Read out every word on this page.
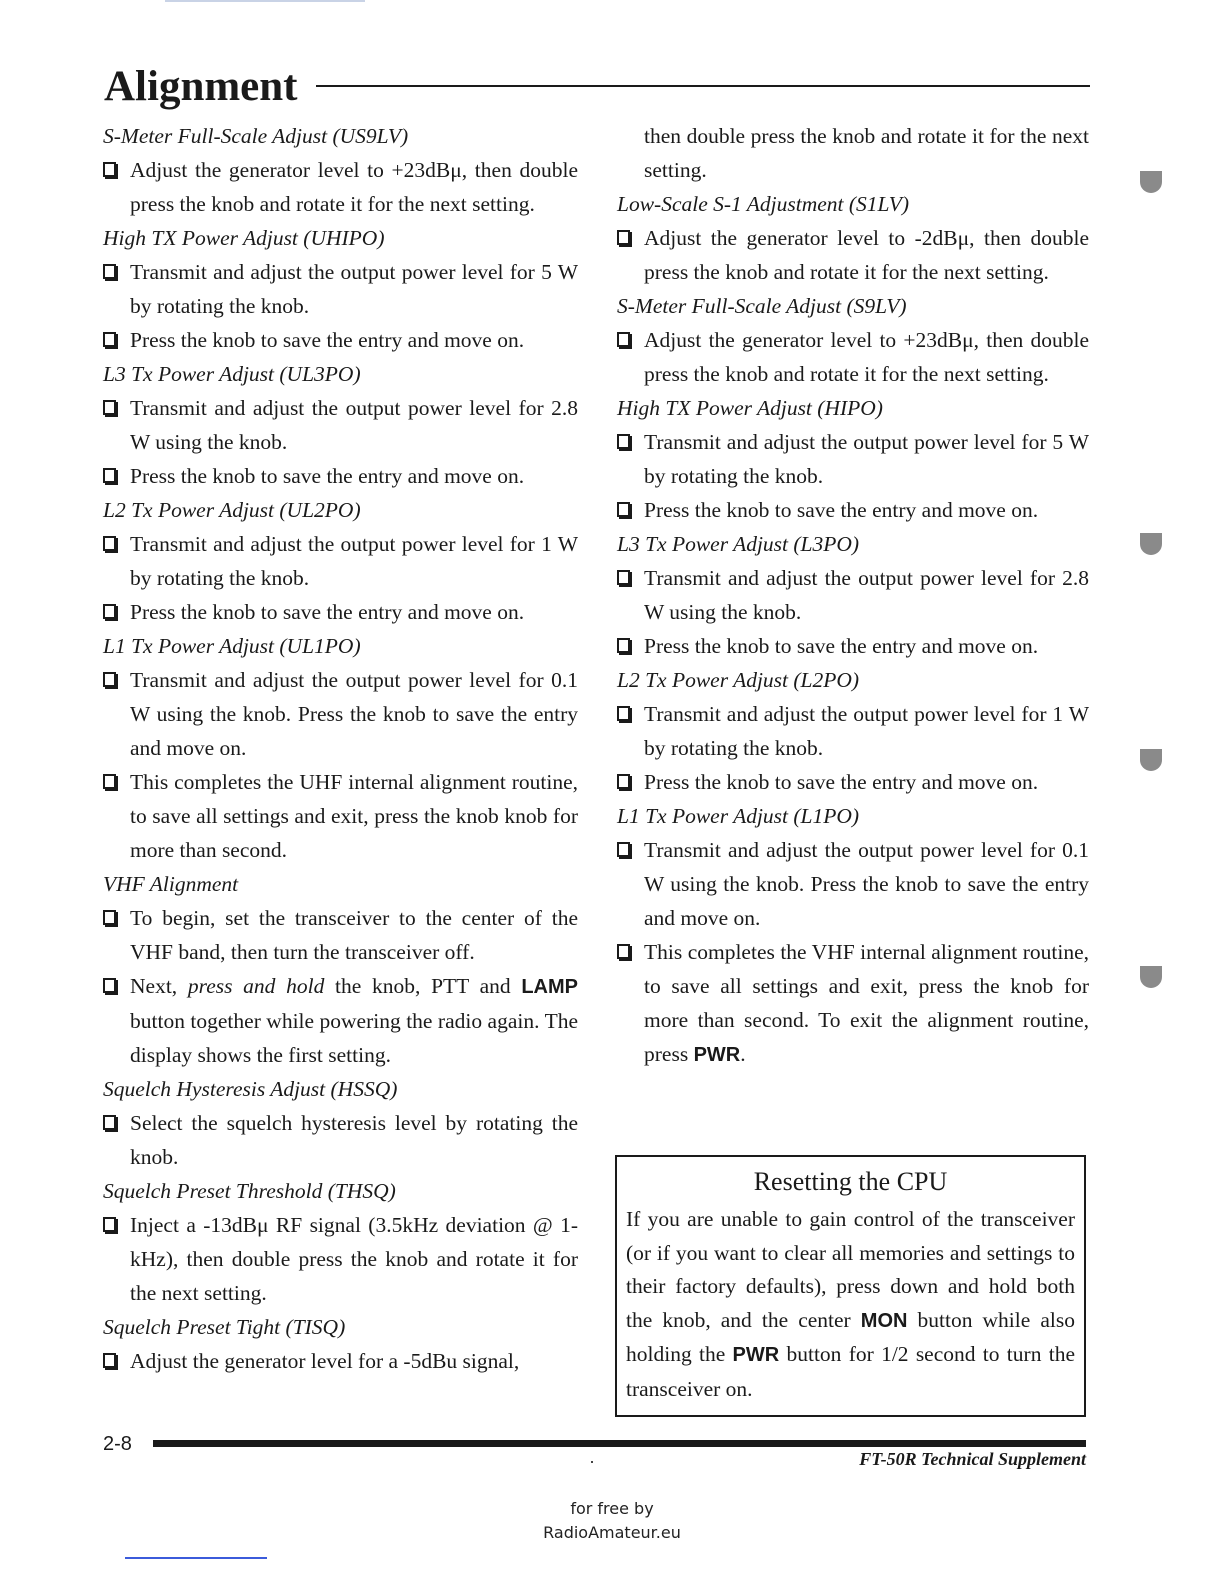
Alignment
S-Meter Full-Scale Adjust (US9LV)
Adjust the generator level to +23dBμ, then double press the knob and rotate it for the next setting.
High TX Power Adjust (UHIPO)
Transmit and adjust the output power level for 5 W by rotating the knob.
Press the knob to save the entry and move on.
L3 Tx Power Adjust (UL3PO)
Transmit and adjust the output power level for 2.8 W using the knob.
Press the knob to save the entry and move on.
L2 Tx Power Adjust (UL2PO)
Transmit and adjust the output power level for 1 W by rotating the knob.
Press the knob to save the entry and move on.
L1 Tx Power Adjust (UL1PO)
Transmit and adjust the output power level for 0.1 W using the knob. Press the knob to save the entry and move on.
This completes the UHF internal alignment routine, to save all settings and exit, press the knob knob for more than second.
VHF Alignment
To begin, set the transceiver to the center of the VHF band, then turn the transceiver off.
Next, press and hold the knob, PTT and LAMP button together while powering the radio again. The display shows the first setting.
Squelch Hysteresis Adjust (HSSQ)
Select the squelch hysteresis level by rotating the knob.
Squelch Preset Threshold (THSQ)
Inject a -13dBμ RF signal (3.5kHz deviation @ 1-kHz), then double press the knob and rotate it for the next setting.
Squelch Preset Tight (TISQ)
Adjust the generator level for a -5dBu signal,
then double press the knob and rotate it for the next setting.
Low-Scale S-1 Adjustment (S1LV)
Adjust the generator level to -2dBμ, then double press the knob and rotate it for the next setting.
S-Meter Full-Scale Adjust (S9LV)
Adjust the generator level to +23dBμ, then double press the knob and rotate it for the next setting.
High TX Power Adjust (HIPO)
Transmit and adjust the output power level for 5 W by rotating the knob.
Press the knob to save the entry and move on.
L3 Tx Power Adjust (L3PO)
Transmit and adjust the output power level for 2.8 W using the knob.
Press the knob to save the entry and move on.
L2 Tx Power Adjust (L2PO)
Transmit and adjust the output power level for 1 W by rotating the knob.
Press the knob to save the entry and move on.
L1 Tx Power Adjust (L1PO)
Transmit and adjust the output power level for 0.1 W using the knob. Press the knob to save the entry and move on.
This completes the VHF internal alignment routine, to save all settings and exit, press the knob for more than second. To exit the alignment routine, press PWR.
Resetting the CPU
If you are unable to gain control of the transceiver (or if you want to clear all memories and settings to their factory defaults), press down and hold both the knob, and the center MON button while also holding the PWR button for 1/2 second to turn the transceiver on.
2-8
FT-50R Technical Supplement
for free by
RadioAmateur.eu
